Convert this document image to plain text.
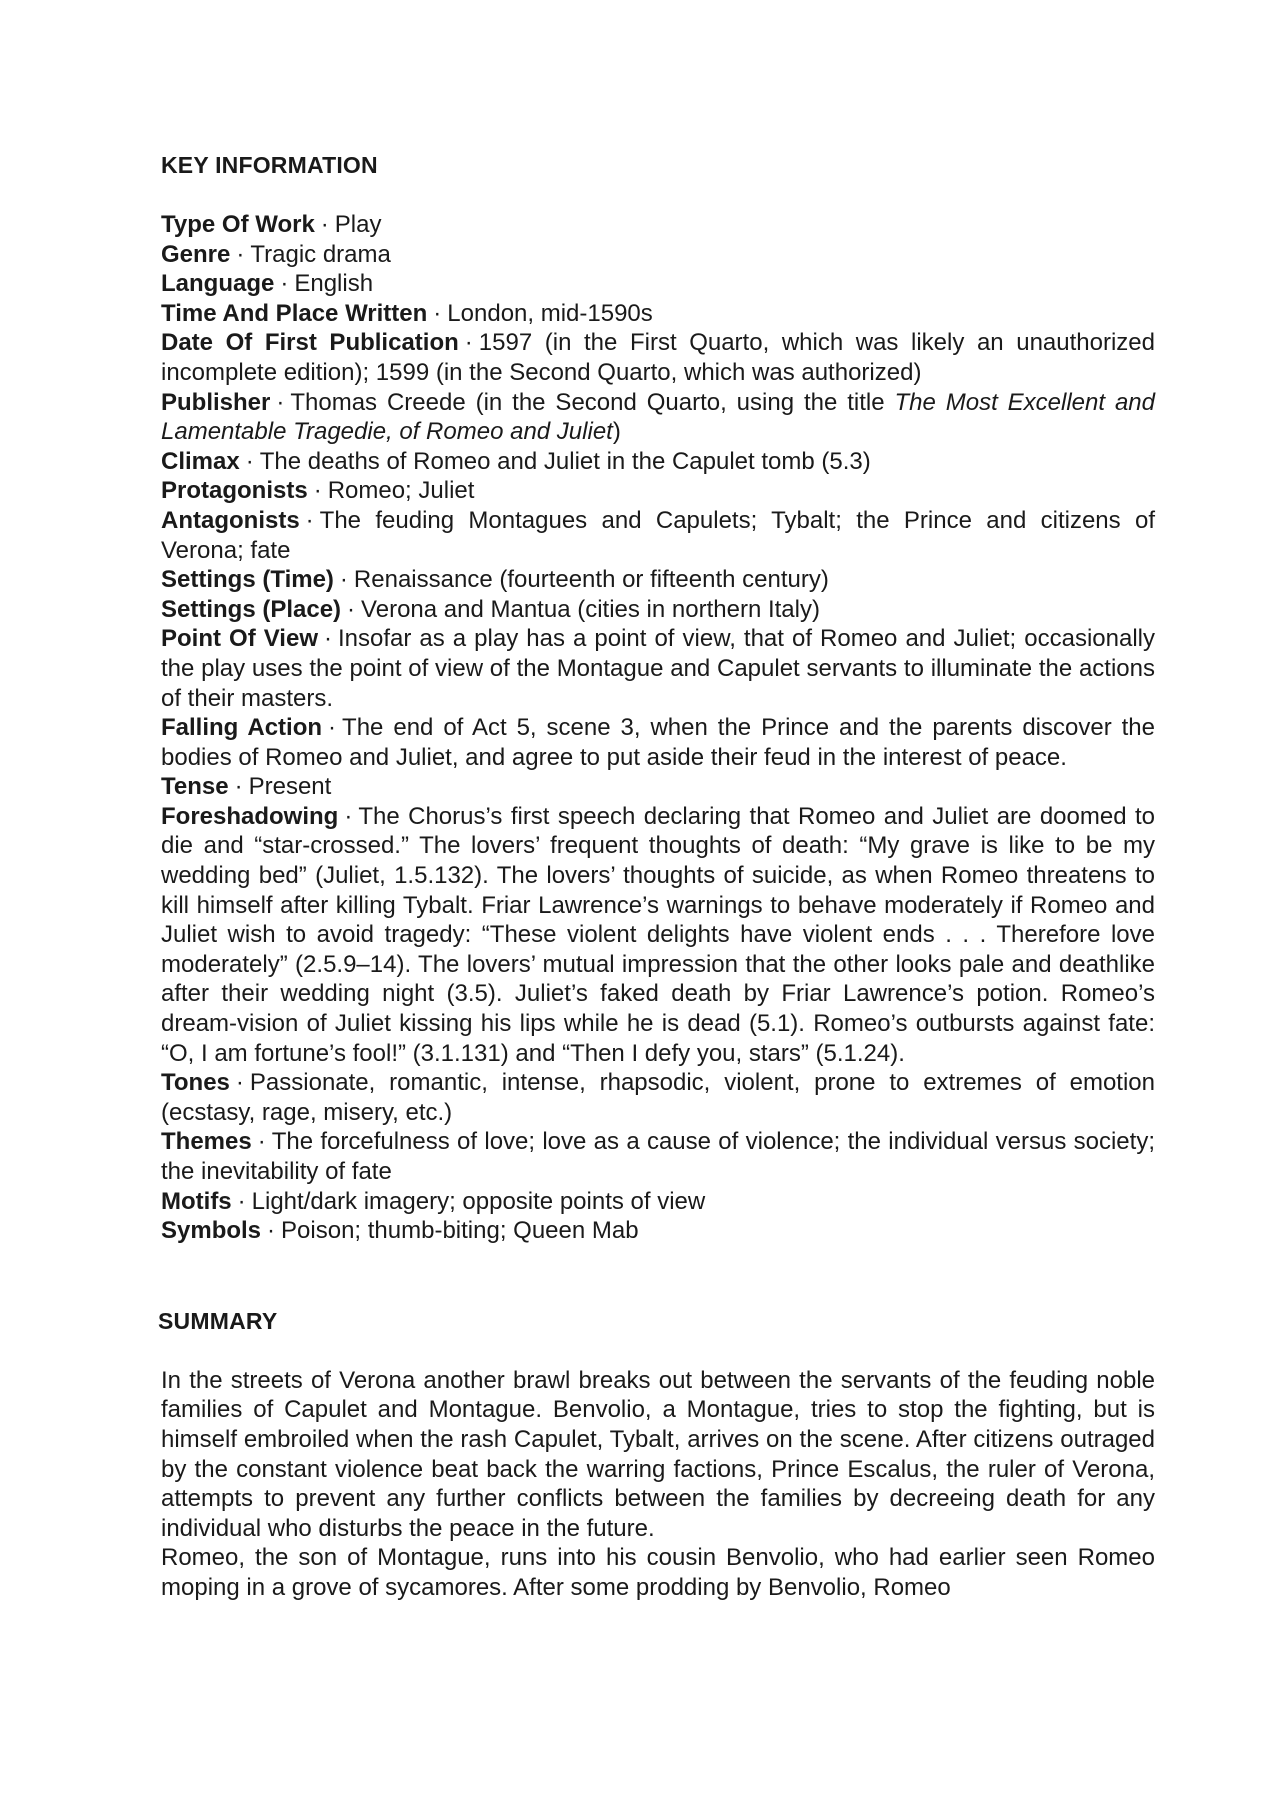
KEY INFORMATION

Type Of Work · Play

Genre · Tragic drama

Language · English

Time And Place Written · London, mid-1590s

Date Of First Publication · 1597 (in the First Quarto, which was likely an unauthorized incomplete edition); 1599 (in the Second Quarto, which was authorized)

Publisher · Thomas Creede (in the Second Quarto, using the title The Most Excellent and Lamentable Tragedie, of Romeo and Juliet)

Climax · The deaths of Romeo and Juliet in the Capulet tomb (5.3)

Protagonists · Romeo; Juliet

Antagonists · The feuding Montagues and Capulets; Tybalt; the Prince and citizens of Verona; fate

Settings (Time) · Renaissance (fourteenth or fifteenth century)

Settings (Place) · Verona and Mantua (cities in northern Italy)

Point Of View · Insofar as a play has a point of view, that of Romeo and Juliet; occasionally the play uses the point of view of the Montague and Capulet servants to illuminate the actions of their masters.

Falling Action · The end of Act 5, scene 3, when the Prince and the parents discover the bodies of Romeo and Juliet, and agree to put aside their feud in the interest of peace.

Tense · Present

Foreshadowing · The Chorus’s first speech declaring that Romeo and Juliet are doomed to die and “star-crossed.” The lovers’ frequent thoughts of death: “My grave is like to be my wedding bed” (Juliet, 1.5.132). The lovers’ thoughts of suicide, as when Romeo threatens to kill himself after killing Tybalt. Friar Lawrence’s warnings to behave moderately if Romeo and Juliet wish to avoid tragedy: “These violent delights have violent ends . . . Therefore love moderately” (2.5.9–14). The lovers’ mutual impression that the other looks pale and deathlike after their wedding night (3.5). Juliet’s faked death by Friar Lawrence’s potion. Romeo’s dream-vision of Juliet kissing his lips while he is dead (5.1). Romeo’s outbursts against fate: “O, I am fortune’s fool!” (3.1.131) and “Then I defy you, stars” (5.1.24).

Tones · Passionate, romantic, intense, rhapsodic, violent, prone to extremes of emotion (ecstasy, rage, misery, etc.)

Themes · The forcefulness of love; love as a cause of violence; the individual versus society; the inevitability of fate

Motifs · Light/dark imagery; opposite points of view

Symbols · Poison; thumb-biting; Queen Mab

SUMMARY

In the streets of Verona another brawl breaks out between the servants of the feuding noble families of Capulet and Montague. Benvolio, a Montague, tries to stop the fighting, but is himself embroiled when the rash Capulet, Tybalt, arrives on the scene. After citizens outraged by the constant violence beat back the warring factions, Prince Escalus, the ruler of Verona, attempts to prevent any further conflicts between the families by decreeing death for any individual who disturbs the peace in the future.

Romeo, the son of Montague, runs into his cousin Benvolio, who had earlier seen Romeo moping in a grove of sycamores. After some prodding by Benvolio, Romeo
